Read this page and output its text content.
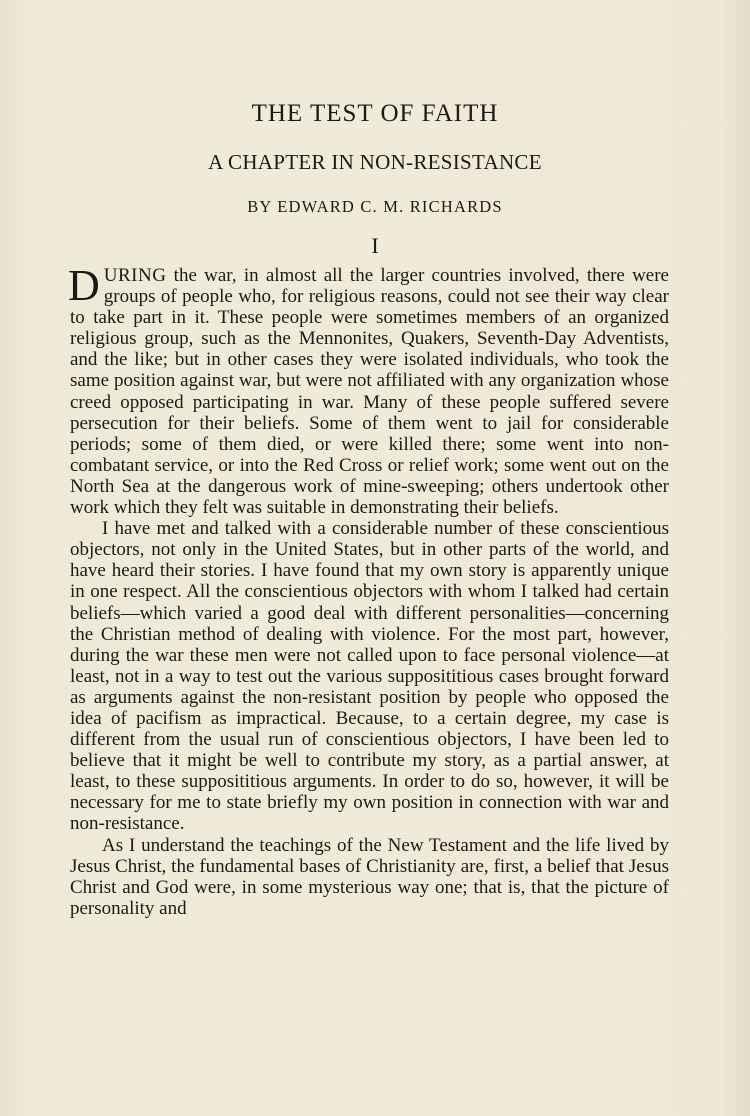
THE TEST OF FAITH
A CHAPTER IN NON-RESISTANCE
BY EDWARD C. M. RICHARDS
I

DURING the war, in almost all the larger countries involved, there were groups of people who, for religious reasons, could not see their way clear to take part in it. These people were sometimes members of an organized religious group, such as the Mennonites, Quakers, Seventh-Day Adventists, and the like; but in other cases they were isolated individuals, who took the same position against war, but were not affiliated with any organization whose creed opposed participating in war. Many of these people suffered severe persecution for their beliefs. Some of them went to jail for considerable periods; some of them died, or were killed there; some went into non-combatant service, or into the Red Cross or relief work; some went out on the North Sea at the dangerous work of mine-sweeping; others undertook other work which they felt was suitable in demonstrating their beliefs.

I have met and talked with a considerable number of these conscientious objectors, not only in the United States, but in other parts of the world, and have heard their stories. I have found that my own story is apparently unique in one respect. All the conscientious objectors with whom I talked had certain beliefs—which varied a good deal with different personalities—concerning the Christian method of dealing with violence. For the most part, however, during the war these men were not called upon to face personal violence—at least, not in a way to test out the various supposititious cases brought forward as arguments against the non-resistant position by people who opposed the idea of pacifism as impractical. Because, to a certain degree, my case is different from the usual run of conscientious objectors, I have been led to believe that it might be well to contribute my story, as a partial answer, at least, to these supposititious arguments. In order to do so, however, it will be necessary for me to state briefly my own position in connection with war and non-resistance.

As I understand the teachings of the New Testament and the life lived by Jesus Christ, the fundamental bases of Christianity are, first, a belief that Jesus Christ and God were, in some mysterious way one; that is, that the picture of personality and
